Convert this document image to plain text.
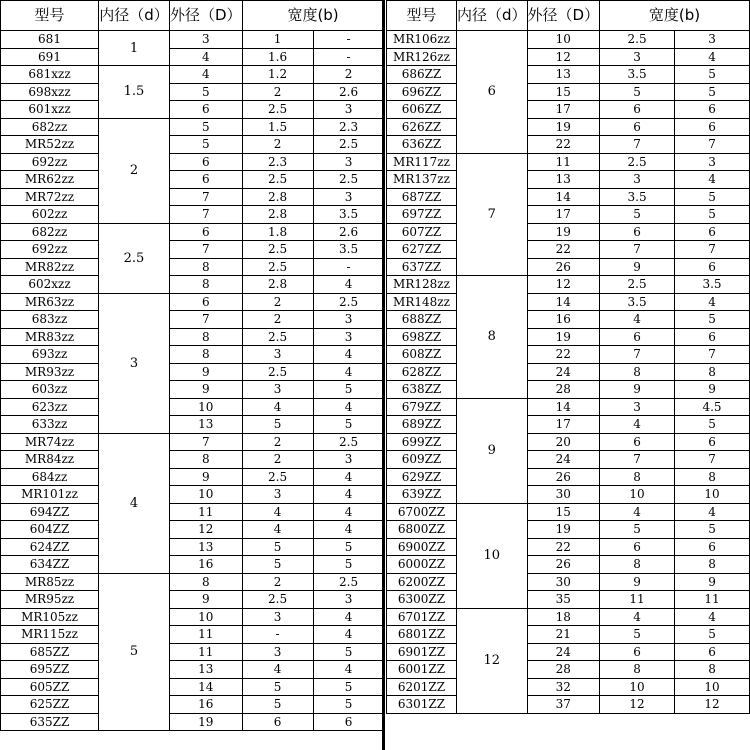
型号	内径（d）	外径（D）	宽度(b)	
681	1	3	1	-
691		4	1.6	-
681xzz	1.5	4	1.2	2
698xzz		5	2	2.6
601xzz		6	2.5	3
682zz	2	5	1.5	2.3
MR52zz		5	2	2.5
692zz		6	2.3	3
MR62zz		6	2.5	2.5
MR72zz		7	2.8	3
602zz		7	2.8	3.5
682zz	2.5	6	1.8	2.6
692zz		7	2.5	3.5
MR82zz		8	2.5	-
602xzz		8	2.8	4
MR63zz	3	6	2	2.5
683zz		7	2	3
MR83zz		8	2.5	3
693zz		8	3	4
MR93zz		9	2.5	4
603zz		9	3	5
623zz		10	4	4
633zz		13	5	5
MR74zz	4	7	2	2.5
MR84zz		8	2	3
684zz		9	2.5	4
MR101zz		10	3	4
694ZZ		11	4	4
604ZZ		12	4	4
624ZZ		13	5	5
634ZZ		16	5	5
MR85zz	5	8	2	2.5
MR95zz		9	2.5	3
MR105zz		10	3	4
MR115zz		11	-	4
685ZZ		11	3	5
695ZZ		13	4	4
605ZZ		14	5	5
625ZZ		16	5	5
635ZZ		19	6	6
型号	内径（d）	外径（D）	宽度(b)	
MR106zz	6	10	2.5	3
MR126zz		12	3	4
686ZZ		13	3.5	5
696ZZ		15	5	5
606ZZ		17	6	6
626ZZ		19	6	6
636ZZ		22	7	7
MR117zz	7	11	2.5	3
MR137zz		13	3	4
687ZZ		14	3.5	5
697ZZ		17	5	5
607ZZ		19	6	6
627ZZ		22	7	7
637ZZ		26	9	6
MR128zz	8	12	2.5	3.5
MR148zz		14	3.5	4
688ZZ		16	4	5
698ZZ		19	6	6
608ZZ		22	7	7
628ZZ		24	8	8
638ZZ		28	9	9
679ZZ	9	14	3	4.5
689ZZ		17	4	5
699ZZ		20	6	6
609ZZ		24	7	7
629ZZ		26	8	8
639ZZ		30	10	10
6700ZZ	10	15	4	4
6800ZZ		19	5	5
6900ZZ		22	6	6
6000ZZ		26	8	8
6200ZZ		30	9	9
6300ZZ		35	11	11
6701ZZ	12	18	4	4
6801ZZ		21	5	5
6901ZZ		24	6	6
6001ZZ		28	8	8
6201ZZ		32	10	10
6301ZZ		37	12	12
